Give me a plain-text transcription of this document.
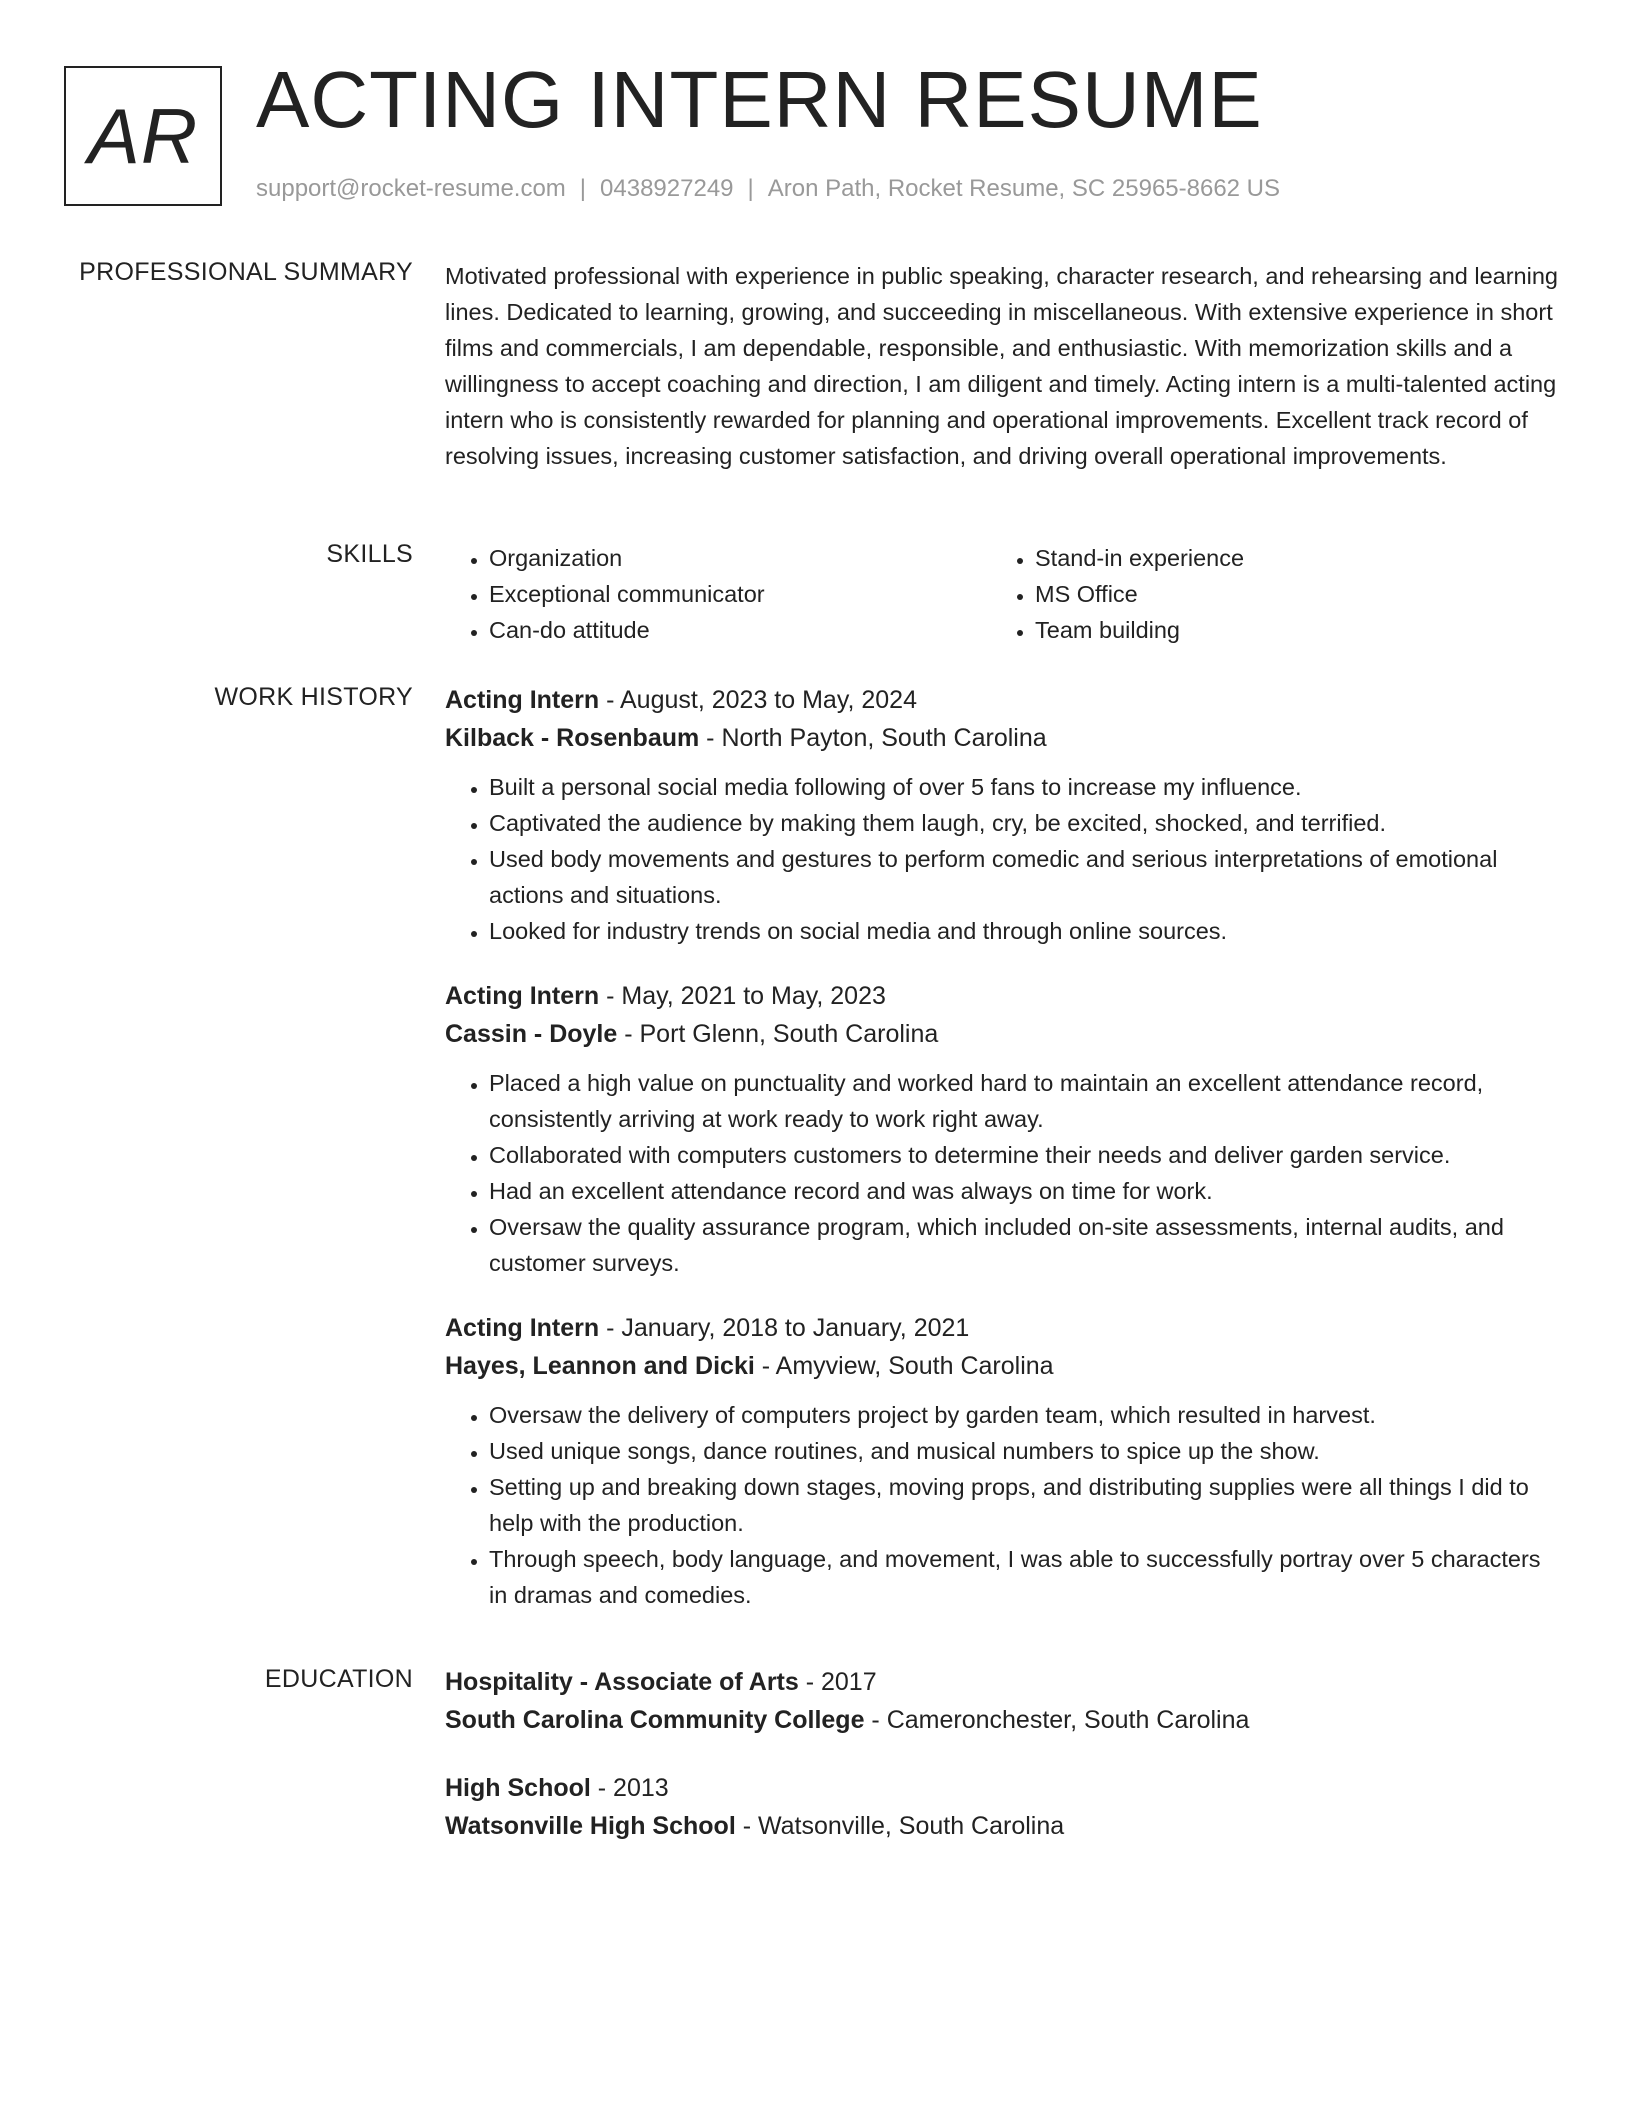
AR ACTING INTERN RESUME
support@rocket-resume.com | 0438927249 | Aron Path, Rocket Resume, SC 25965-8662 US
PROFESSIONAL SUMMARY Motivated professional with experience in public speaking, character research, and rehearsing and learning lines. Dedicated to learning, growing, and succeeding in miscellaneous. With extensive experience in short films and commercials, I am dependable, responsible, and enthusiastic. With memorization skills and a willingness to accept coaching and direction, I am diligent and timely. Acting intern is a multi-talented acting intern who is consistently rewarded for planning and operational improvements. Excellent track record of resolving issues, increasing customer satisfaction, and driving overall operational improvements.

SKILLS
•	Organization
• Exceptional communicator
• Can-do attitude
• Stand-in experience
• MS Office
• Team building
WORK HISTORY Acting Intern - August, 2023 to May, 2024
Kilback - Rosenbaum - North Payton, South Carolina
• Built a personal social media following of over 5 fans to increase my influence.
• Captivated the audience by making them laugh, cry, be excited, shocked, and terrified.
• Used body movements and gestures to perform comedic and serious interpretations of emotional actions and situations.
• Looked for industry trends on social media and through online sources.
Acting Intern - May, 2021 to May, 2023
Cassin - Doyle - Port Glenn, South Carolina
• Placed a high value on punctuality and worked hard to maintain an excellent attendance record, consistently arriving at work ready to work right away.
• Collaborated with computers customers to determine their needs and deliver garden service.
• Had an excellent attendance record and was always on time for work.
• Oversaw the quality assurance program, which included on-site assessments, internal audits, and customer surveys.
Acting Intern - January, 2018 to January, 2021
Hayes, Leannon and Dicki - Amyview, South Carolina
• Oversaw the delivery of computers project by garden team, which resulted in harvest.
• Used unique songs, dance routines, and musical numbers to spice up the show.
• Setting up and breaking down stages, moving props, and distributing supplies were all things I did to help with the production.
• Through speech, body language, and movement, I was able to successfully portray over 5 characters in dramas and comedies.
EDUCATION Hospitality - Associate of Arts - 2017
South Carolina Community College - Cameronchester, South Carolina
High School - 2013
Watsonville High School - Watsonville, South Carolina
